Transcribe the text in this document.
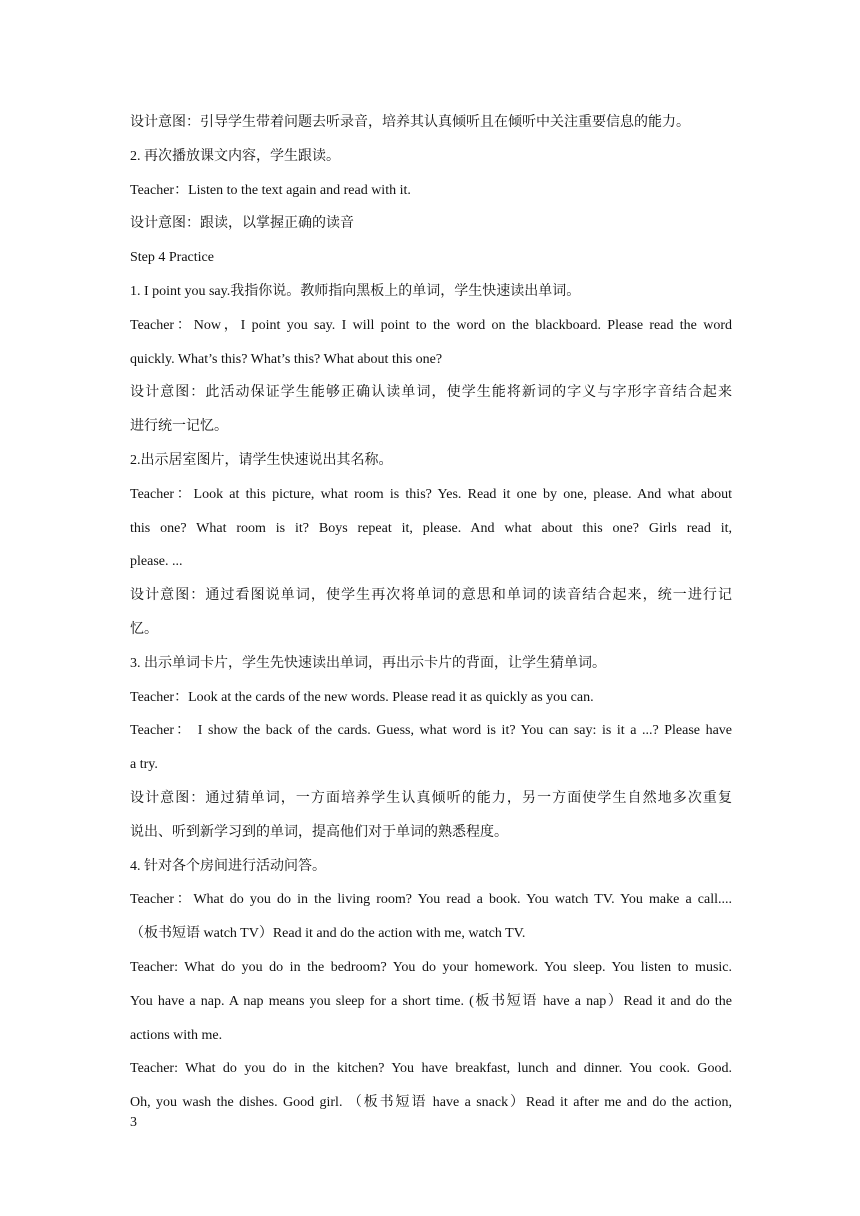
设计意图：引导学生带着问题去听录音，培养其认真倾听且在倾听中关注重要信息的能力。
2. 再次播放课文内容，学生跟读。
Teacher：Listen to the text again and read with it.
设计意图：跟读，以掌握正确的读音
Step 4 Practice
1. I point you say.我指你说。教师指向黑板上的单词，学生快速读出单词。
Teacher：Now，I point you say. I will point to the word on the blackboard. Please read the word
quickly. What’s this? What’s this? What about this one?
设计意图：此活动保证学生能够正确认读单词，使学生能将新词的字义与字形字音结合起来
进行统一记忆。
2.出示居室图片，请学生快速说出其名称。
Teacher：Look at this picture, what room is this? Yes. Read it one by one, please. And what about
this one? What room is it? Boys repeat it, please. And what about this one? Girls read it,
please. ...
设计意图：通过看图说单词，使学生再次将单词的意思和单词的读音结合起来，统一进行记
忆。
3. 出示单词卡片，学生先快速读出单词，再出示卡片的背面，让学生猜单词。
Teacher：Look at the cards of the new words. Please read it as quickly as you can.
Teacher： I show the back of the cards. Guess, what word is it? You can say: is it a ...? Please have
a try.
设计意图：通过猜单词，一方面培养学生认真倾听的能力，另一方面使学生自然地多次重复
说出、听到新学习到的单词，提高他们对于单词的熟悉程度。
4. 针对各个房间进行活动问答。
Teacher：What do you do in the living room? You read a book. You watch TV. You make a call....
（板书短语 watch TV）Read it and do the action with me, watch TV.
Teacher: What do you do in the bedroom? You do your homework. You sleep. You listen to music.
You have a nap. A nap means you sleep for a short time. (板书短语 have a nap）Read it and do the
actions with me.
Teacher: What do you do in the kitchen? You have breakfast, lunch and dinner. You cook. Good.
Oh, you wash the dishes. Good girl. （板书短语 have a snack）Read it after me and do the action,
3
